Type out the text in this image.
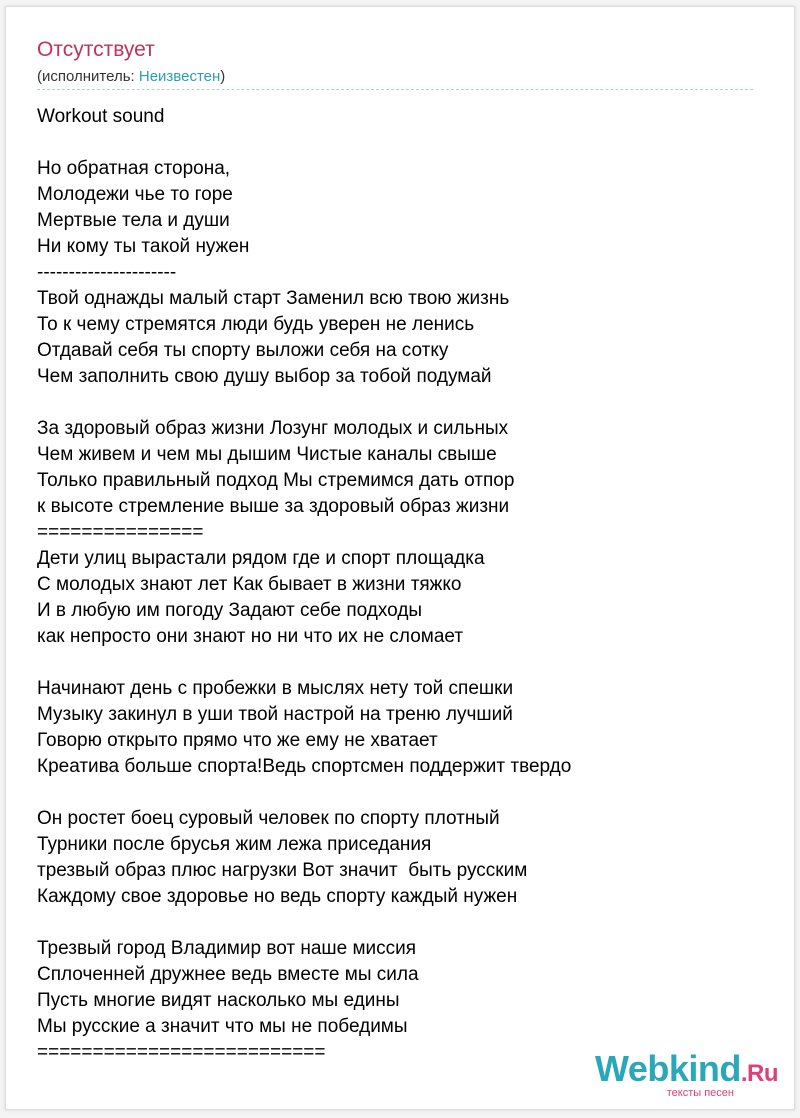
Отсутствует
(исполнитель: Неизвестен)
Workout sound
Но обратная сторона,
Молодежи чье то горе
Мертвые тела и души
Ни кому ты такой нужен
----------------------
Твой однажды малый старт Заменил всю твою жизнь
То к чему стремятся люди будь уверен не ленись
Отдавай себя ты спорту выложи себя на сотку
Чем заполнить свою душу выбор за тобой подумай
За здоровый образ жизни Лозунг молодых и сильных
Чем живем и чем мы дышим Чистые каналы свыше
Только правильный подход Мы стремимся дать отпор
к высоте стремление выше за здоровый образ жизни
===============
Дети улиц вырастали рядом где и спорт площадка
С молодых знают лет Как бывает в жизни тяжко
И в любую им погоду Задают себе подходы
как непросто они знают но ни что их не сломает
Начинают день с пробежки в мыслях нету той спешки
Музыку закинул в уши твой настрой на треню лучший
Говорю открыто прямо что же ему не хватает
Креатива больше спорта!Ведь спортсмен поддержит твердо
Он ростет боец суровый человек по спорту плотный
Турники после брусья жим лежа приседания
трезвый образ плюс нагрузки Вот значит  быть русским
Каждому свое здоровье но ведь спорту каждый нужен
Трезвый город Владимир вот наше миссия
Сплоченней дружнее ведь вместе мы сила
Пусть многие видят насколько мы едины
Мы русские а значит что мы не победимы
==========================	Webkind.Ru
тексты песен
